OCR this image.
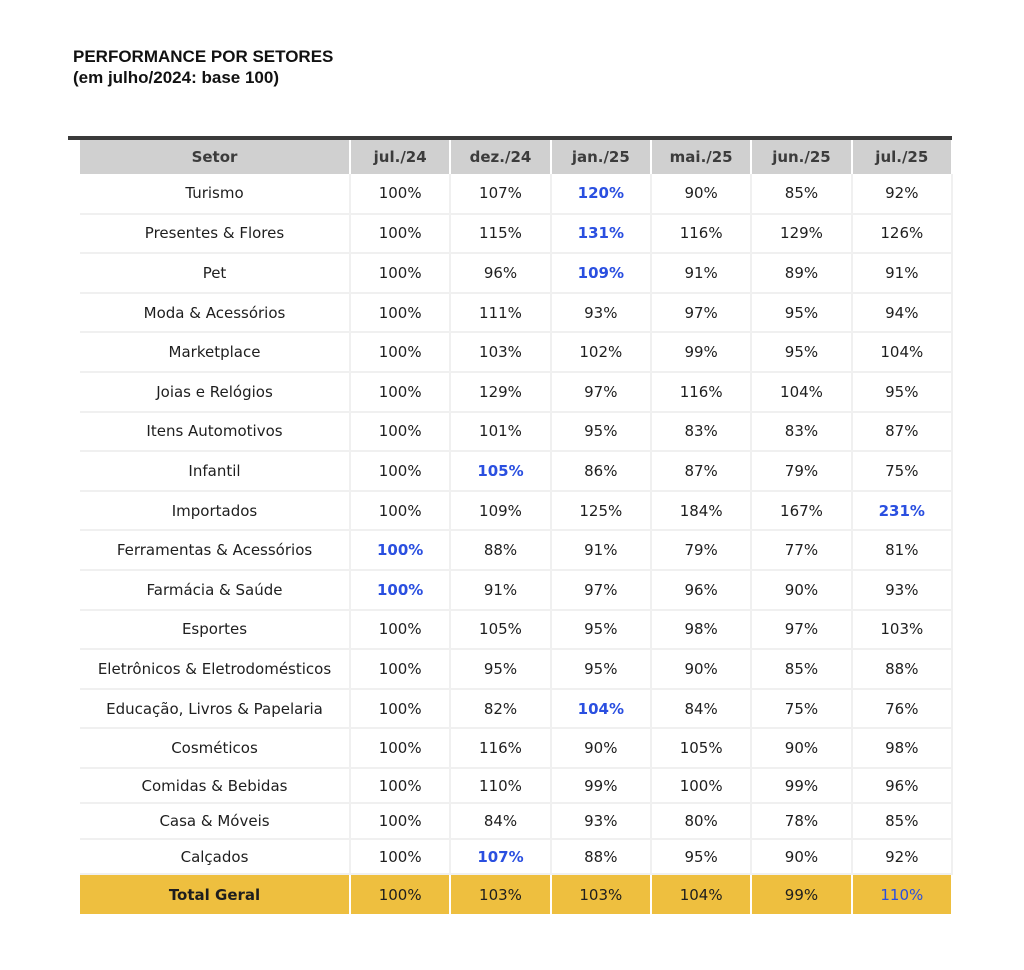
PERFORMANCE POR SETORES
(em julho/2024: base 100)
Setor	jul./24	dez./24	jan./25	mai./25	jun./25	jul./25
Turismo	100%	107%	120%	90%	85%	92%
Presentes & Flores	100%	115%	131%	116%	129%	126%
Pet	100%	96%	109%	91%	89%	91%
Moda & Acessórios	100%	111%	93%	97%	95%	94%
Marketplace	100%	103%	102%	99%	95%	104%
Joias e Relógios	100%	129%	97%	116%	104%	95%
Itens Automotivos	100%	101%	95%	83%	83%	87%
Infantil	100%	105%	86%	87%	79%	75%
Importados	100%	109%	125%	184%	167%	231%
Ferramentas & Acessórios	100%	88%	91%	79%	77%	81%
Farmácia & Saúde	100%	91%	97%	96%	90%	93%
Esportes	100%	105%	95%	98%	97%	103%
Eletrônicos & Eletrodomésticos	100%	95%	95%	90%	85%	88%
Educação, Livros & Papelaria	100%	82%	104%	84%	75%	76%
Cosméticos	100%	116%	90%	105%	90%	98%
Comidas & Bebidas	100%	110%	99%	100%	99%	96%
Casa & Móveis	100%	84%	93%	80%	78%	85%
Calçados	100%	107%	88%	95%	90%	92%
Total Geral	100%	103%	103%	104%	99%	110%
